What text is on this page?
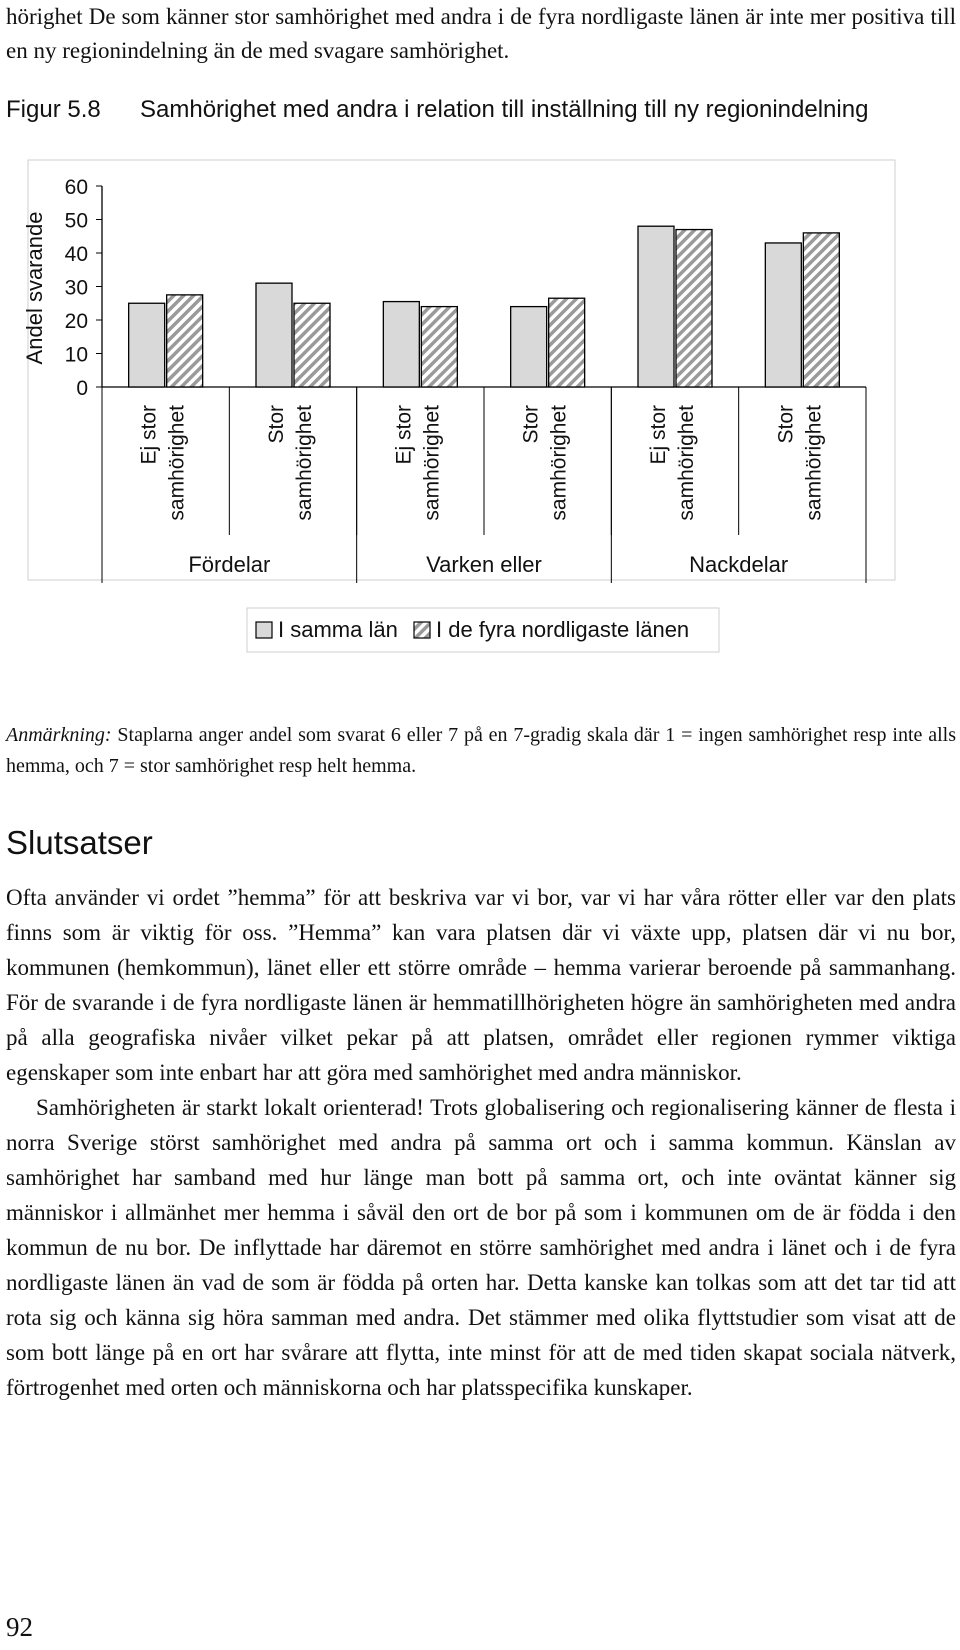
hörighet De som känner stor samhörighet med andra i de fyra nordligaste länen är inte mer positiva till en ny regionindelning än de med svagare samhörighet.
Figur 5.8 Samhörighet med andra i relation till inställning till ny regionindelning
0
10
20
30
40
50
60
Andel svarande
Ej stor samhörighet	Stor samhörighet	Ej stor samhörighet	Stor samhörighet	Ej stor samhörighet	Stor samhörighet
Fördelar	Varken eller	Nackdelar
I samma län I de fyra nordligaste länen
Anmärkning: Staplarna anger andel som svarat 6 eller 7 på en 7-gradig skala där 1 = ingen samhörighet resp inte alls hemma, och 7 = stor samhörighet resp helt hemma.
Slutsatser

Ofta använder vi ordet ”hemma” för att beskriva var vi bor, var vi har våra rötter eller var den plats finns som är viktig för oss. ”Hemma” kan vara platsen där vi växte upp, platsen där vi nu bor, kommunen (hemkommun), länet eller ett större område – hemma varierar beroende på sammanhang. För de svarande i de fyra nordligaste länen är hemmatillhörigheten högre än samhörigheten med andra på alla geografiska nivåer vilket pekar på att platsen, området eller regionen rymmer viktiga egenskaper som inte enbart har att göra med samhörighet med andra människor.

Samhörigheten är starkt lokalt orienterad! Trots globalisering och regionalisering känner de flesta i norra Sverige störst samhörighet med andra på samma ort och i samma kommun. Känslan av samhörighet har samband med hur länge man bott på samma ort, och inte oväntat känner sig människor i allmänhet mer hemma i såväl den ort de bor på som i kommunen om de är födda i den kommun de nu bor. De inflyttade har däremot en större samhörighet med andra i länet och i de fyra nordligaste länen än vad de som är födda på orten har. Detta kanske kan tolkas som att det tar tid att rota sig och känna sig höra samman med andra. Det stämmer med olika flyttstudier som visat att de som bott länge på en ort har svårare att flytta, inte minst för att de med tiden skapat sociala nätverk, förtrogenhet med orten och människorna och har platsspecifika kunskaper.

92
